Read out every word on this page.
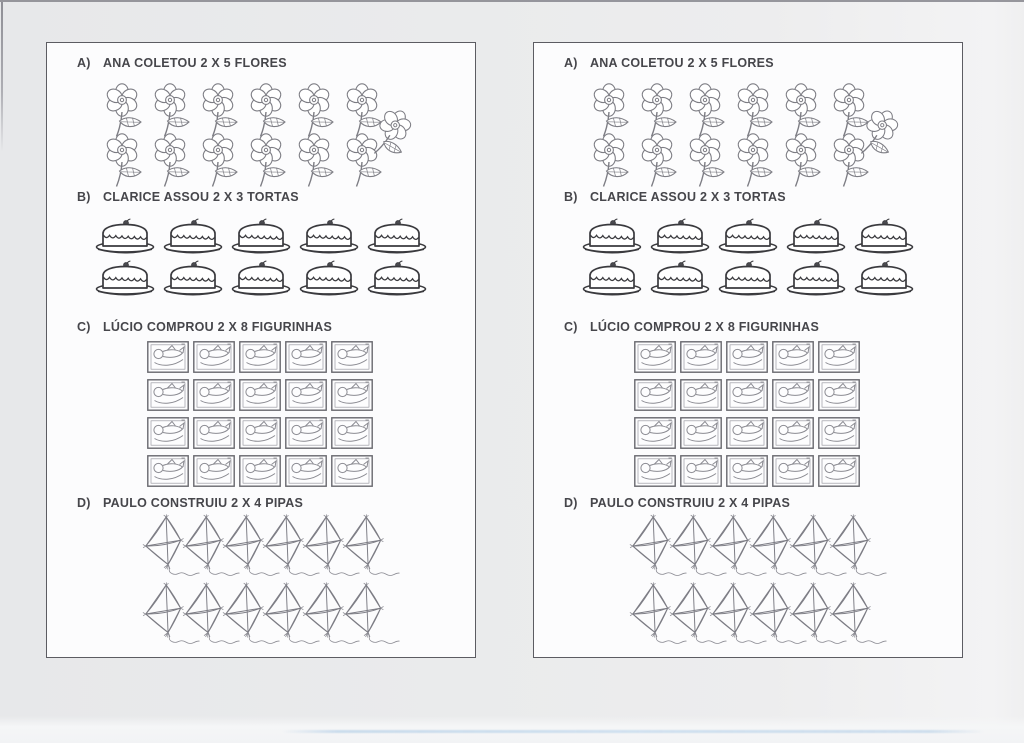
A) ANA COLETOU 2 X 5 FLORES
B) CLARICE ASSOU 2 X 3 TORTAS
C) LÚCIO COMPROU 2 X 8 FIGURINHAS
D) PAULO CONSTRUIU 2 X 4 PIPAS
A) ANA COLETOU 2 X 5 FLORES
B) CLARICE ASSOU 2 X 3 TORTAS
C) LÚCIO COMPROU 2 X 8 FIGURINHAS
D) PAULO CONSTRUIU 2 X 4 PIPAS
